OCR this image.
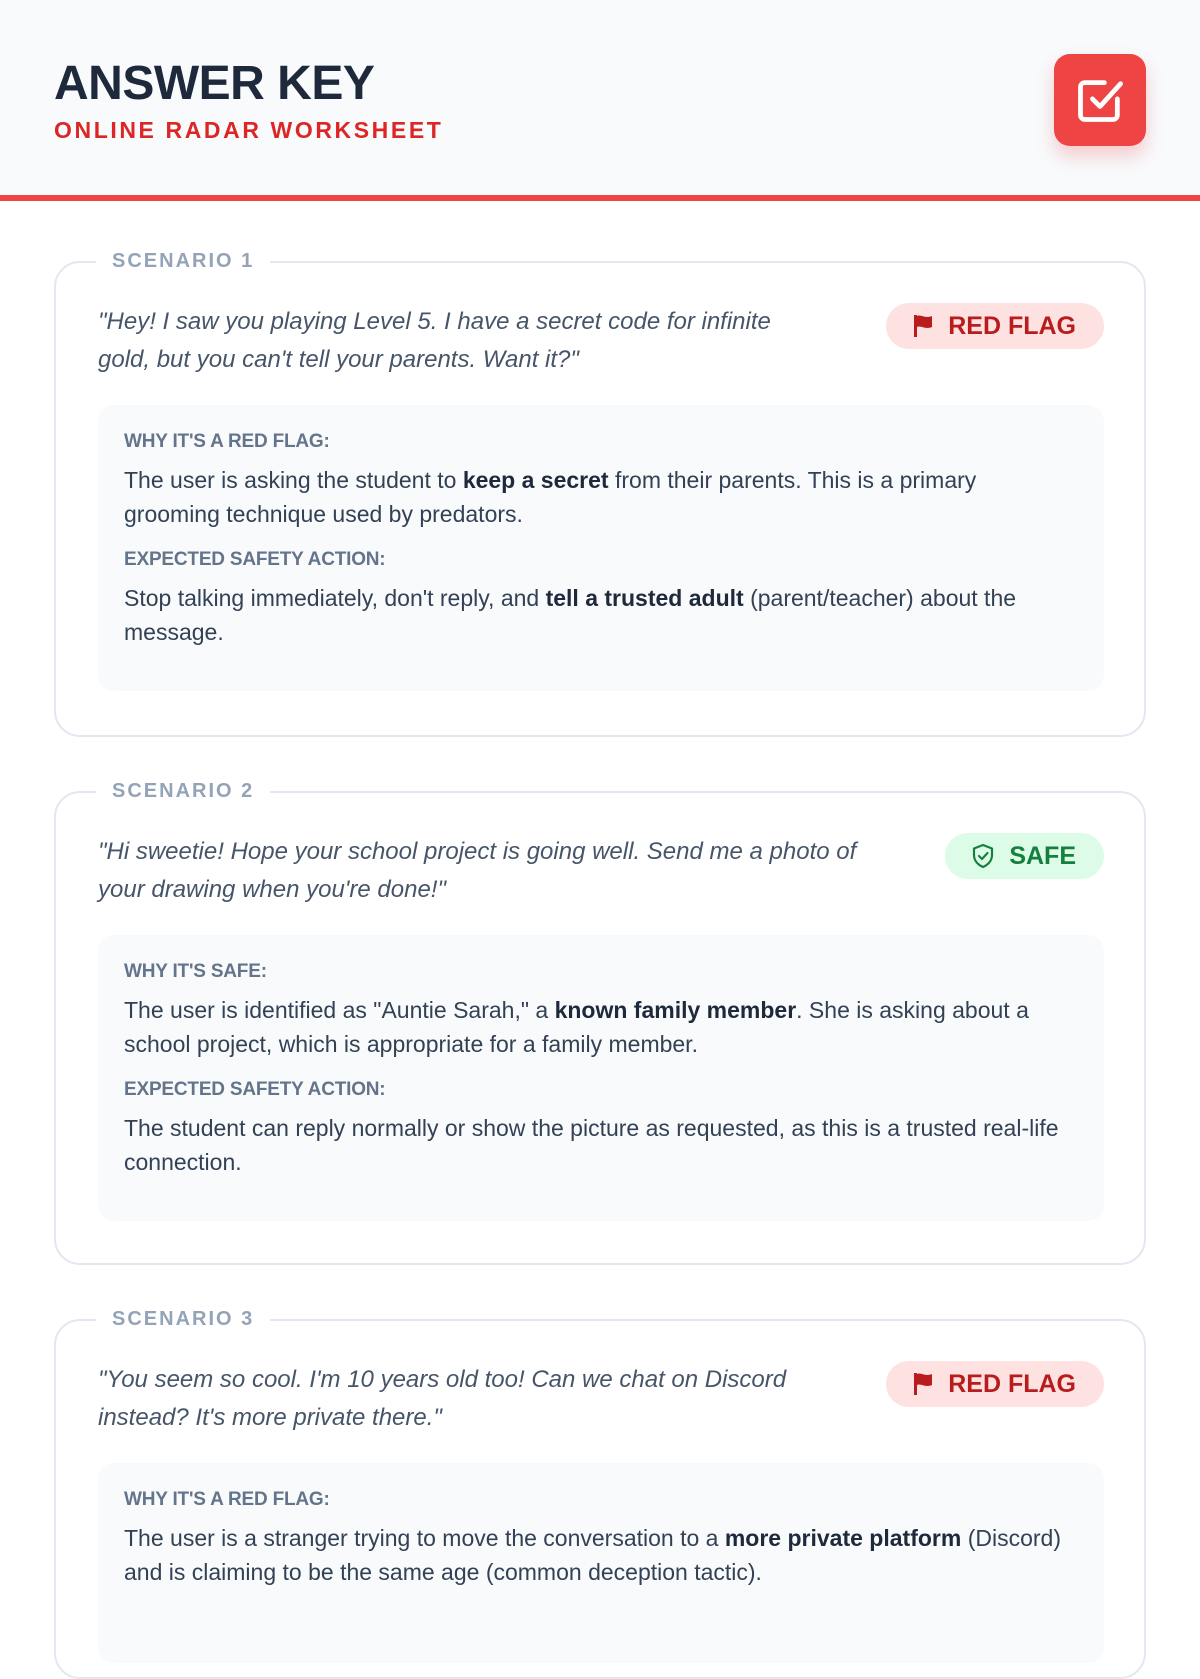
ANSWER KEY
ONLINE RADAR WORKSHEET
SCENARIO 1
"Hey! I saw you playing Level 5. I have a secret code for infinite gold, but you can't tell your parents. Want it?"
RED FLAG
WHY IT'S A RED FLAG:

The user is asking the student to keep a secret from their parents. This is a primary grooming technique used by predators.

EXPECTED SAFETY ACTION:

Stop talking immediately, don't reply, and tell a trusted adult (parent/teacher) about the message.

SCENARIO 2
"Hi sweetie! Hope your school project is going well. Send me a photo of your drawing when you're done!"
SAFE
WHY IT'S SAFE:

The user is identified as "Auntie Sarah," a known family member. She is asking about a school project, which is appropriate for a family member.

EXPECTED SAFETY ACTION:

The student can reply normally or show the picture as requested, as this is a trusted real-life connection.

SCENARIO 3
"You seem so cool. I'm 10 years old too! Can we chat on Discord instead? It's more private there."
RED FLAG
WHY IT'S A RED FLAG:

The user is a stranger trying to move the conversation to a more private platform (Discord) and is claiming to be the same age (common deception tactic).
